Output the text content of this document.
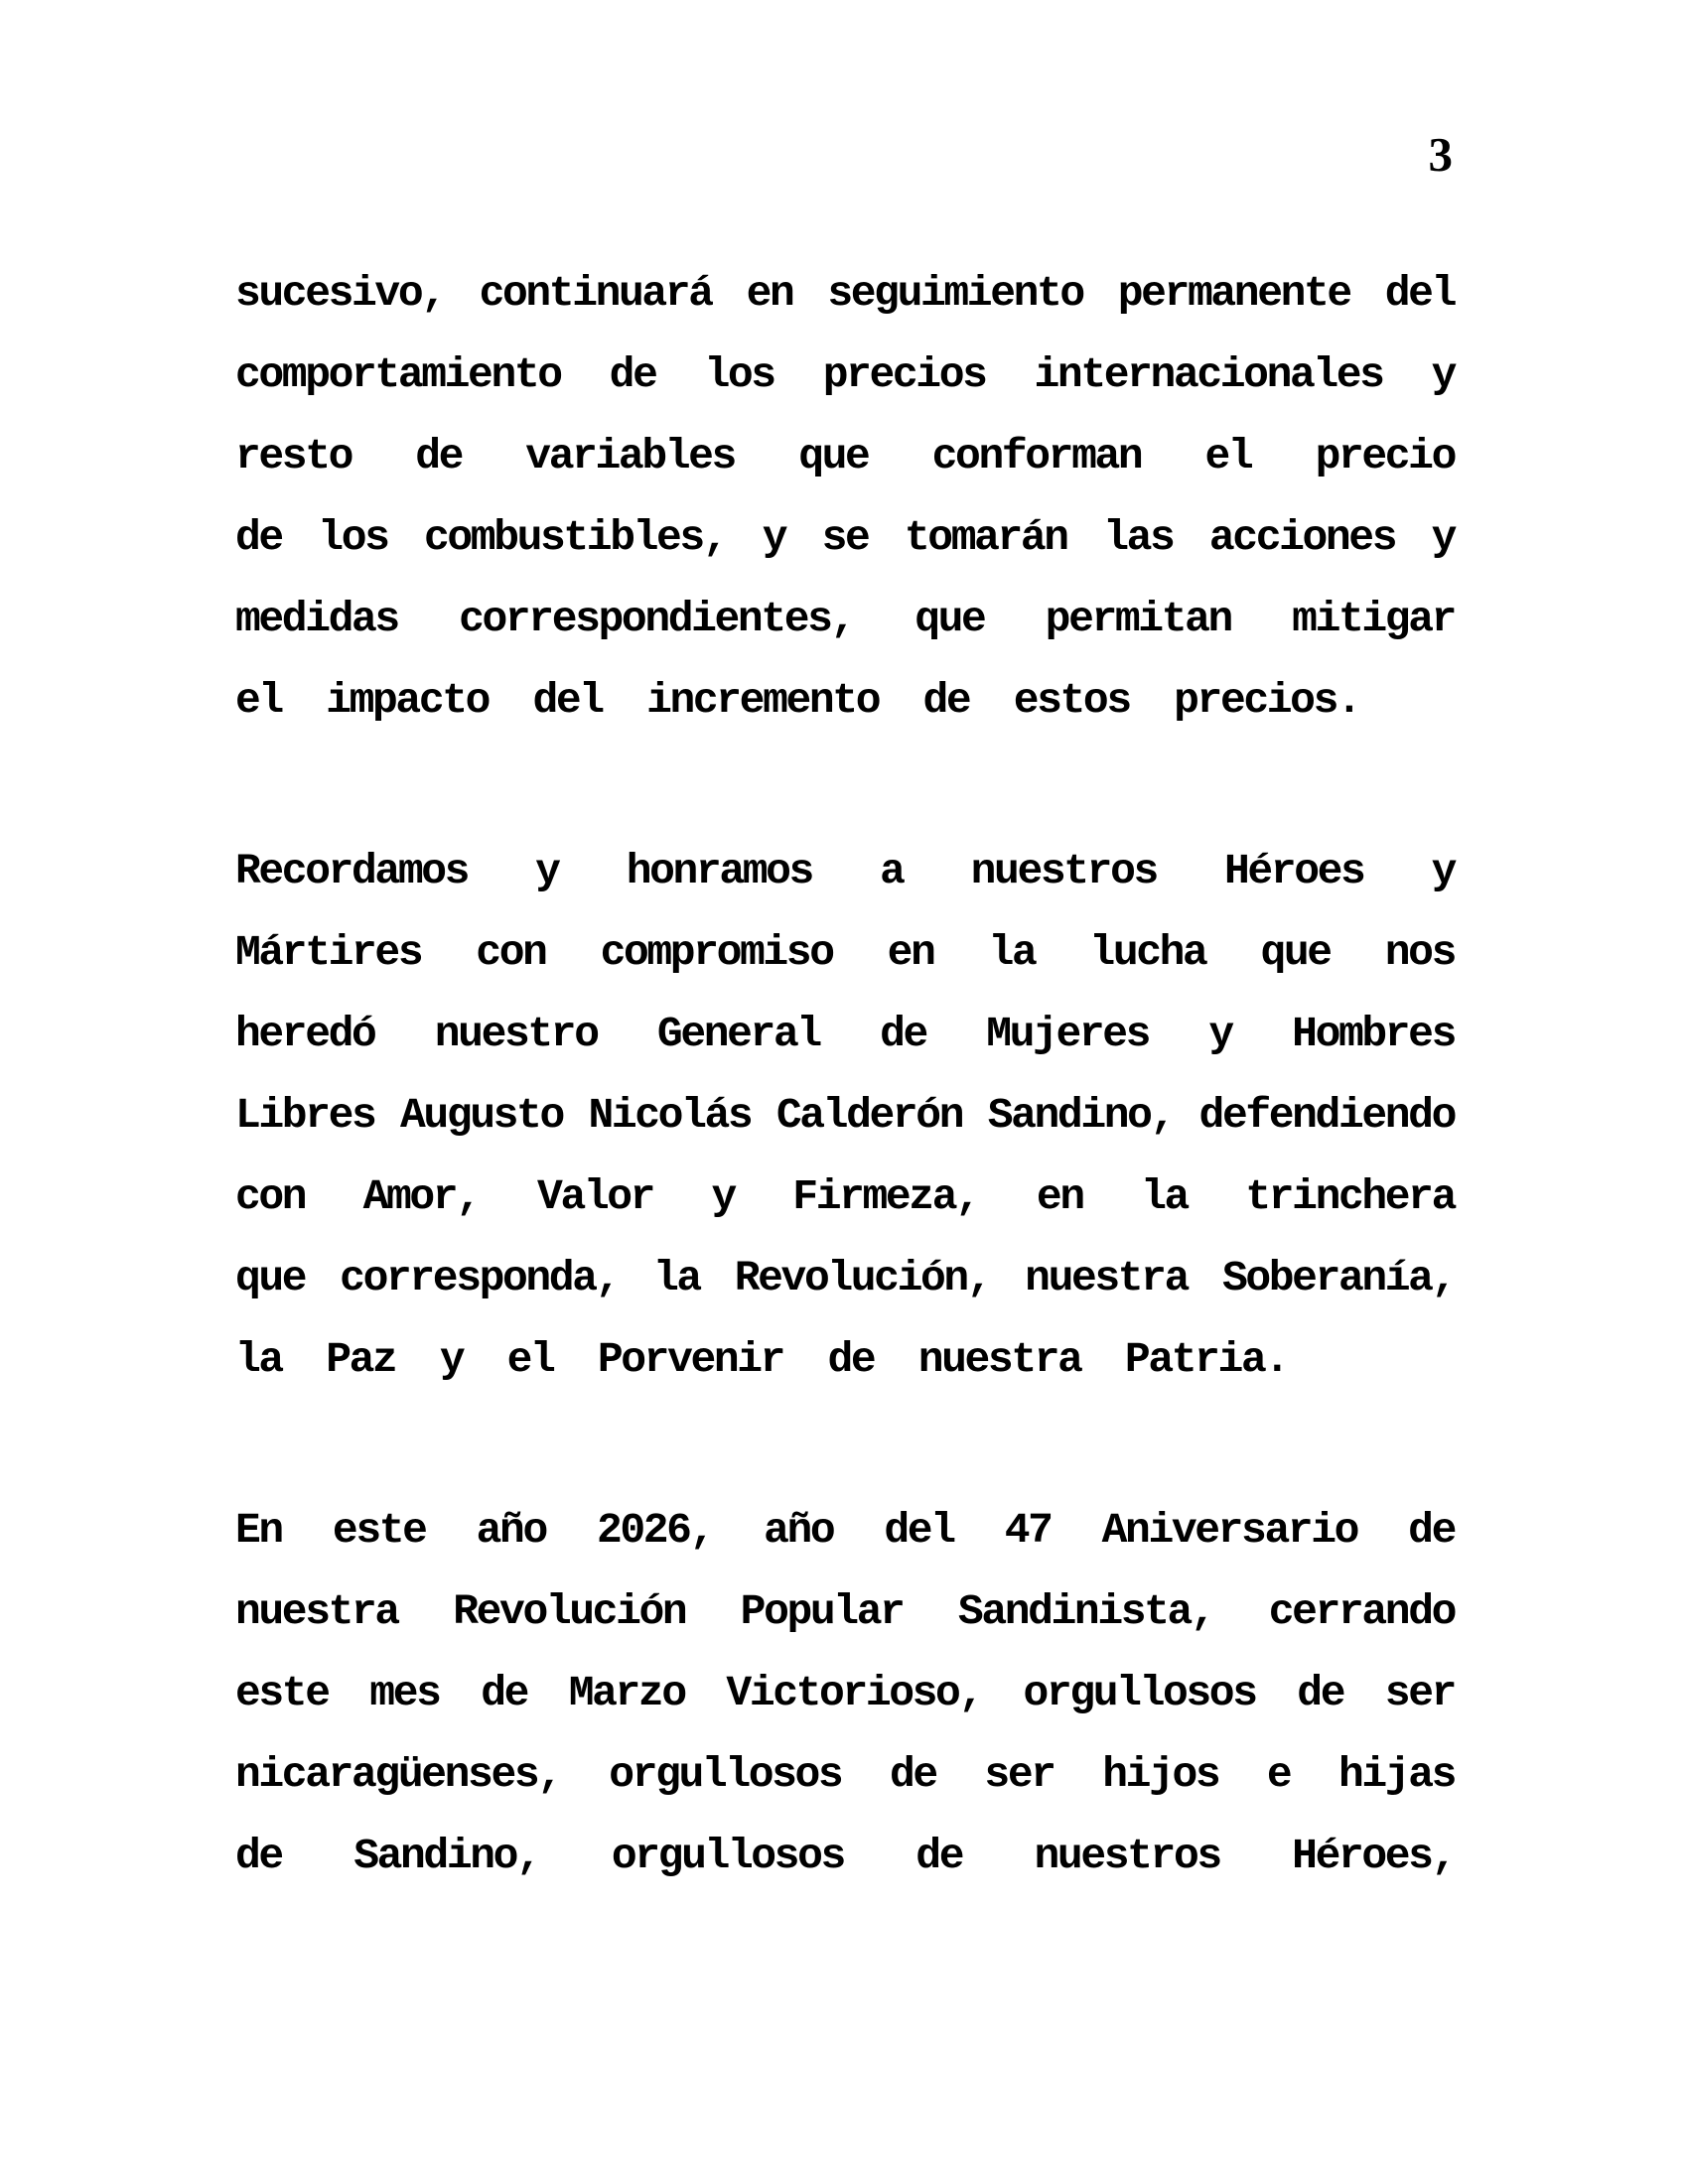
3
sucesivo, continuará en seguimiento permanente del
comportamiento de los precios internacionales y
resto de variables que conforman el precio
de los combustibles, y se tomarán las acciones y
medidas correspondientes, que permitan mitigar
el impacto del incremento de estos precios.
Recordamos y honramos a nuestros Héroes y
Mártires con compromiso en la lucha que nos
heredó nuestro General de Mujeres y Hombres
Libres Augusto Nicolás Calderón Sandino, defendiendo
con Amor, Valor y Firmeza, en la trinchera
que corresponda, la Revolución, nuestra Soberanía,
la Paz y el Porvenir de nuestra Patria.
En este año 2026, año del 47 Aniversario de
nuestra Revolución Popular Sandinista, cerrando
este mes de Marzo Victorioso, orgullosos de ser
nicaragüenses, orgullosos de ser hijos e hijas
de Sandino, orgullosos de nuestros Héroes,
